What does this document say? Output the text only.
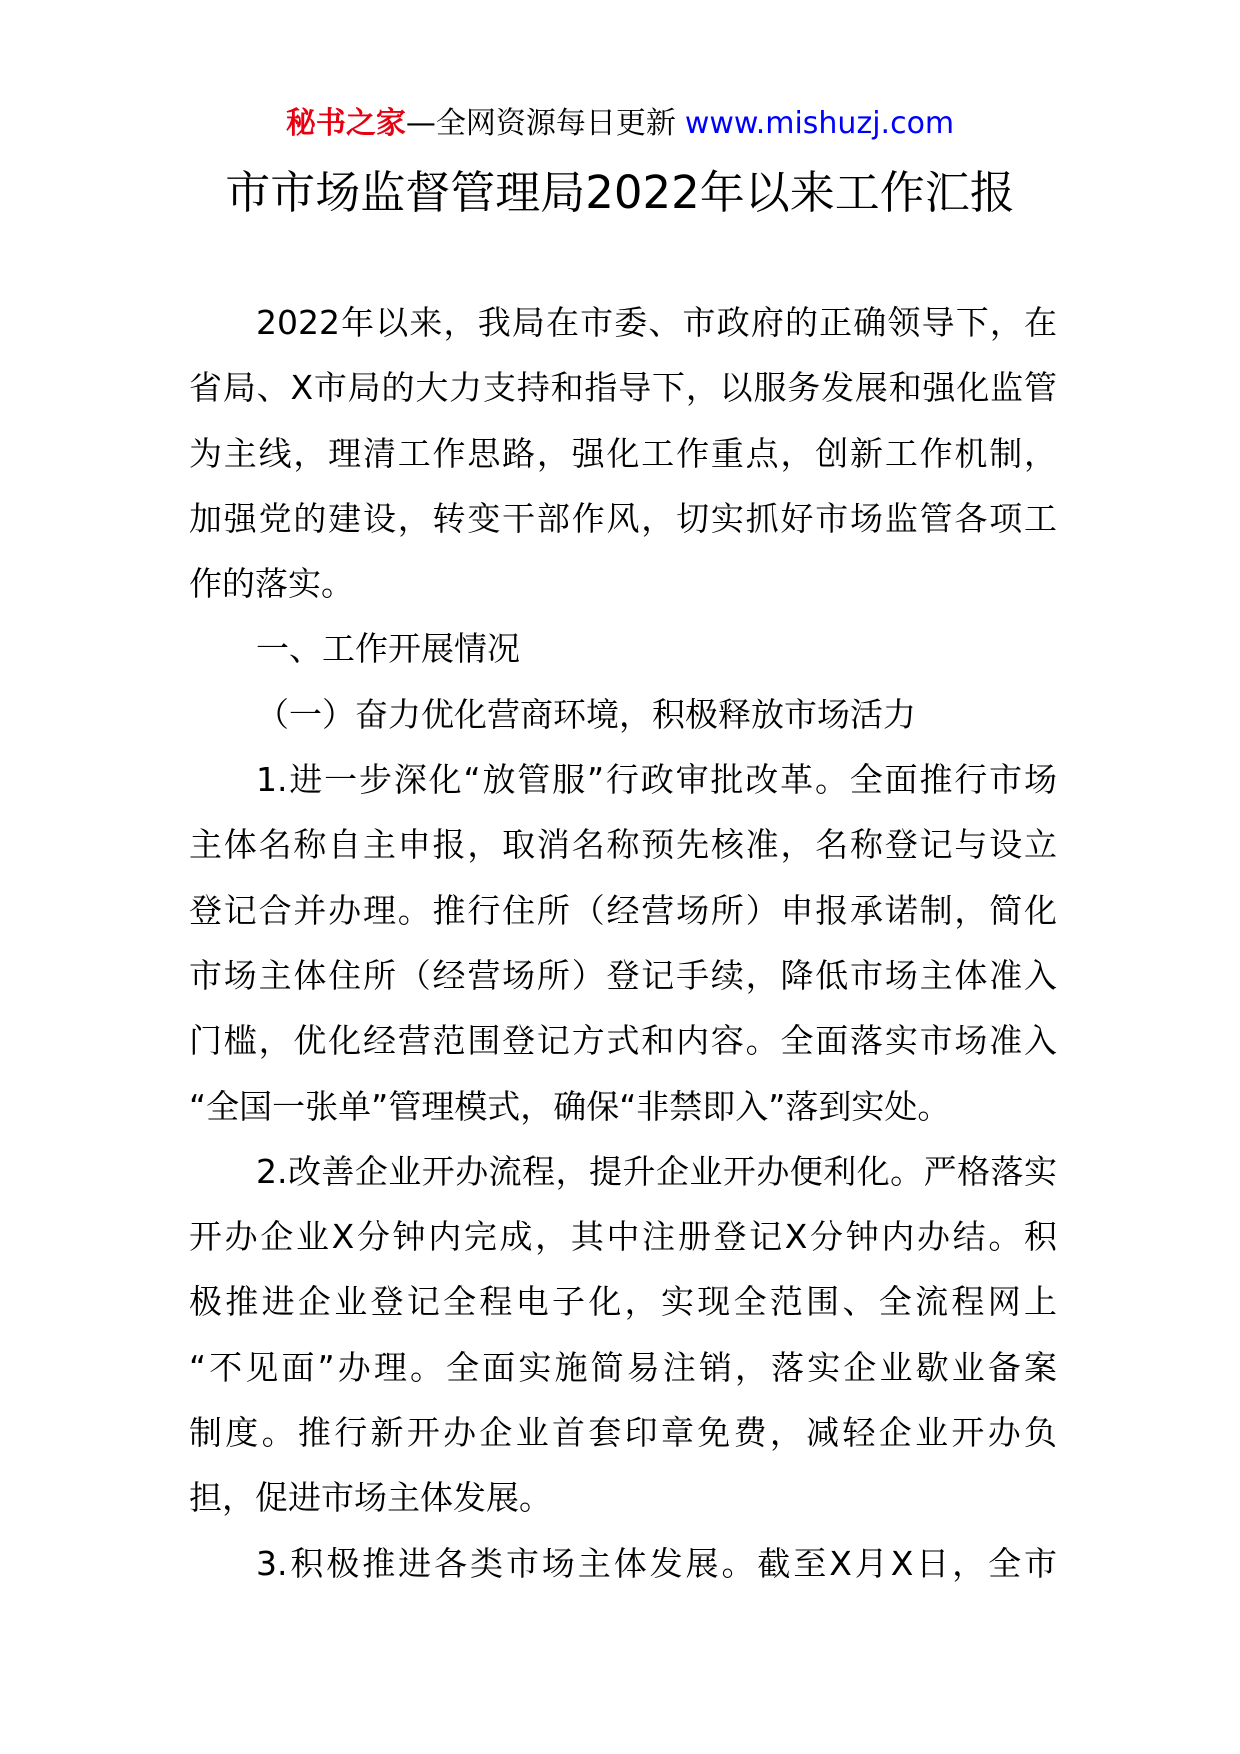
秘书之家—全网资源每日更新 www.mishuzj.com
市市场监督管理局2022年以来工作汇报
2022年以来，我局在市委、市政府的正确领导下，在
省局、X市局的大力支持和指导下，以服务发展和强化监管
为主线，理清工作思路，强化工作重点，创新工作机制，
加强党的建设，转变干部作风，切实抓好市场监管各项工
作的落实。
一、工作开展情况
（一）奋力优化营商环境，积极释放市场活力
1.进一步深化“放管服”行政审批改革。全面推行市场
主体名称自主申报，取消名称预先核准，名称登记与设立
登记合并办理。推行住所（经营场所）申报承诺制，简化
市场主体住所（经营场所）登记手续，降低市场主体准入
门槛，优化经营范围登记方式和内容。全面落实市场准入
“全国一张单”管理模式，确保“非禁即入”落到实处。
2.改善企业开办流程，提升企业开办便利化。严格落实
开办企业X分钟内完成，其中注册登记X分钟内办结。积
极推进企业登记全程电子化，实现全范围、全流程网上
“不见面”办理。全面实施简易注销，落实企业歇业备案
制度。推行新开办企业首套印章免费，减轻企业开办负
担，促进市场主体发展。
3.积极推进各类市场主体发展。截至X月X日，全市
